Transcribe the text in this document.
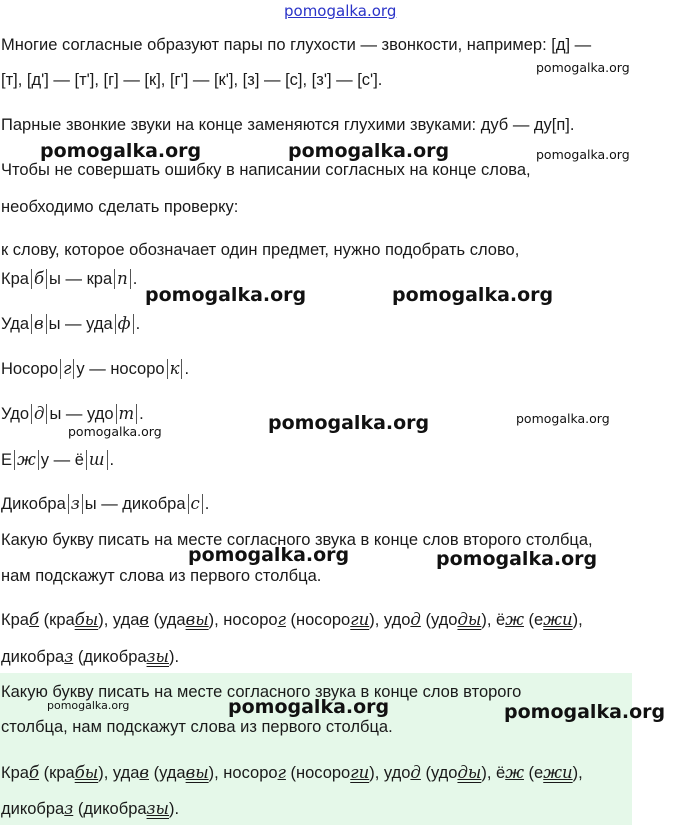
pomogalka.org
Многие согласные образуют пары по глухости — звонкости, например: [д] —
[т], [д'] — [т'], [г] — [к], [г'] — [к'], [з] — [с], [з'] — [с'].
Парные звонкие звуки на конце заменяются глухими звуками: дуб — ду[п].
Чтобы не совершать ошибку в написании согласных на конце слова,
необходимо сделать проверку:
к слову, которое обозначает один предмет, нужно подобрать слово,
Кра б ы — кра п .
Уда в ы — уда ф .
Носоро г у — носоро к .
Удо д ы — удо т .
Е ж у — ё ш .
Дикобра з ы — дикобра с .
Какую букву писать на месте согласного звука в конце слов второго столбца,
нам подскажут слова из первого столбца.
Краб (крабы), удав (удавы), носорог (носороги), удод (удоды), ёж (ежи),
дикобраз (дикобразы).
Какую букву писать на месте согласного звука в конце слов второго
столбца, нам подскажут слова из первого столбца.
Краб (крабы), удав (удавы), носорог (носороги), удод (удоды), ёж (ежи),
дикобраз (дикобразы).
pomogalka.org
pomogalka.org	pomogalka.org	pomogalka.org
pomogalka.org	pomogalka.org
pomogalka.org	pomogalka.org
pomogalka.org
pomogalka.org	pomogalka.org
pomogalka.org	pomogalka.org	pomogalka.org
